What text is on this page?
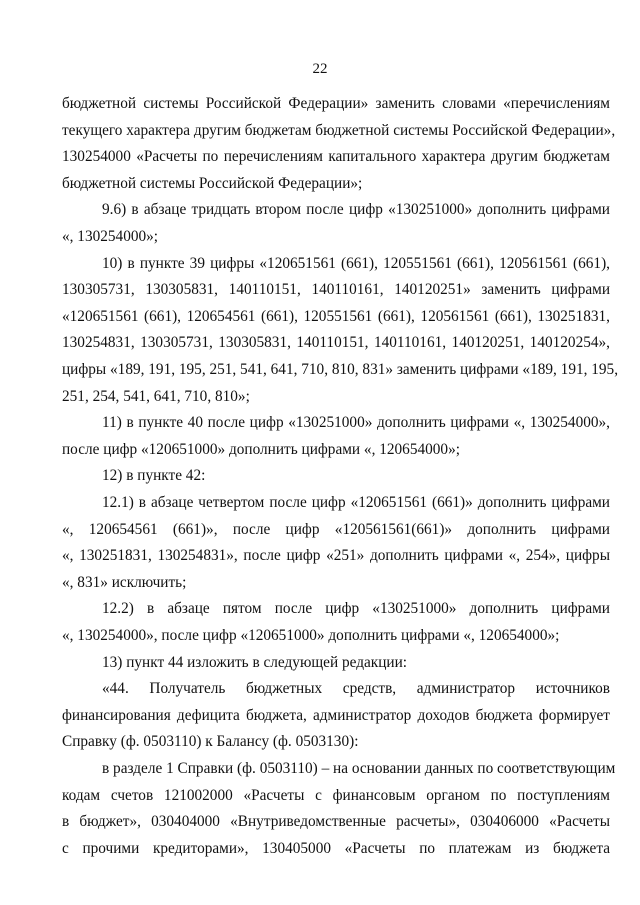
22
бюджетной системы Российской Федерации» заменить словами «перечислениям
текущего характера другим бюджетам бюджетной системы Российской Федерации»,
130254000 «Расчеты по перечислениям капитального характера другим бюджетам
бюджетной системы Российской Федерации»;
9.6) в абзаце тридцать втором после цифр «130251000» дополнить цифрами
«, 130254000»;
10) в пункте 39 цифры «120651561 (661), 120551561 (661), 120561561 (661),
130305731, 130305831, 140110151, 140110161, 140120251» заменить цифрами
«120651561 (661), 120654561 (661), 120551561 (661), 120561561 (661), 130251831,
130254831, 130305731, 130305831, 140110151, 140110161, 140120251, 140120254»,
цифры «189, 191, 195, 251, 541, 641, 710, 810, 831» заменить цифрами «189, 191, 195,
251, 254, 541, 641, 710, 810»;
11) в пункте 40 после цифр «130251000» дополнить цифрами «, 130254000»,
после цифр «120651000» дополнить цифрами «, 120654000»;
12) в пункте 42:
12.1) в абзаце четвертом после цифр «120651561 (661)» дополнить цифрами
«, 120654561 (661)», после цифр «120561561(661)» дополнить цифрами
«, 130251831, 130254831», после цифр «251» дополнить цифрами «, 254», цифры
«, 831» исключить;
12.2) в абзаце пятом после цифр «130251000» дополнить цифрами
«, 130254000», после цифр «120651000» дополнить цифрами «, 120654000»;
13) пункт 44 изложить в следующей редакции:
«44. Получатель бюджетных средств, администратор источников
финансирования дефицита бюджета, администратор доходов бюджета формирует
Справку (ф. 0503110) к Балансу (ф. 0503130):
в разделе 1 Справки (ф. 0503110) – на основании данных по соответствующим
кодам счетов 121002000 «Расчеты с финансовым органом по поступлениям
в бюджет», 030404000 «Внутриведомственные расчеты», 030406000 «Расчеты
с прочими кредиторами», 130405000 «Расчеты по платежам из бюджета
